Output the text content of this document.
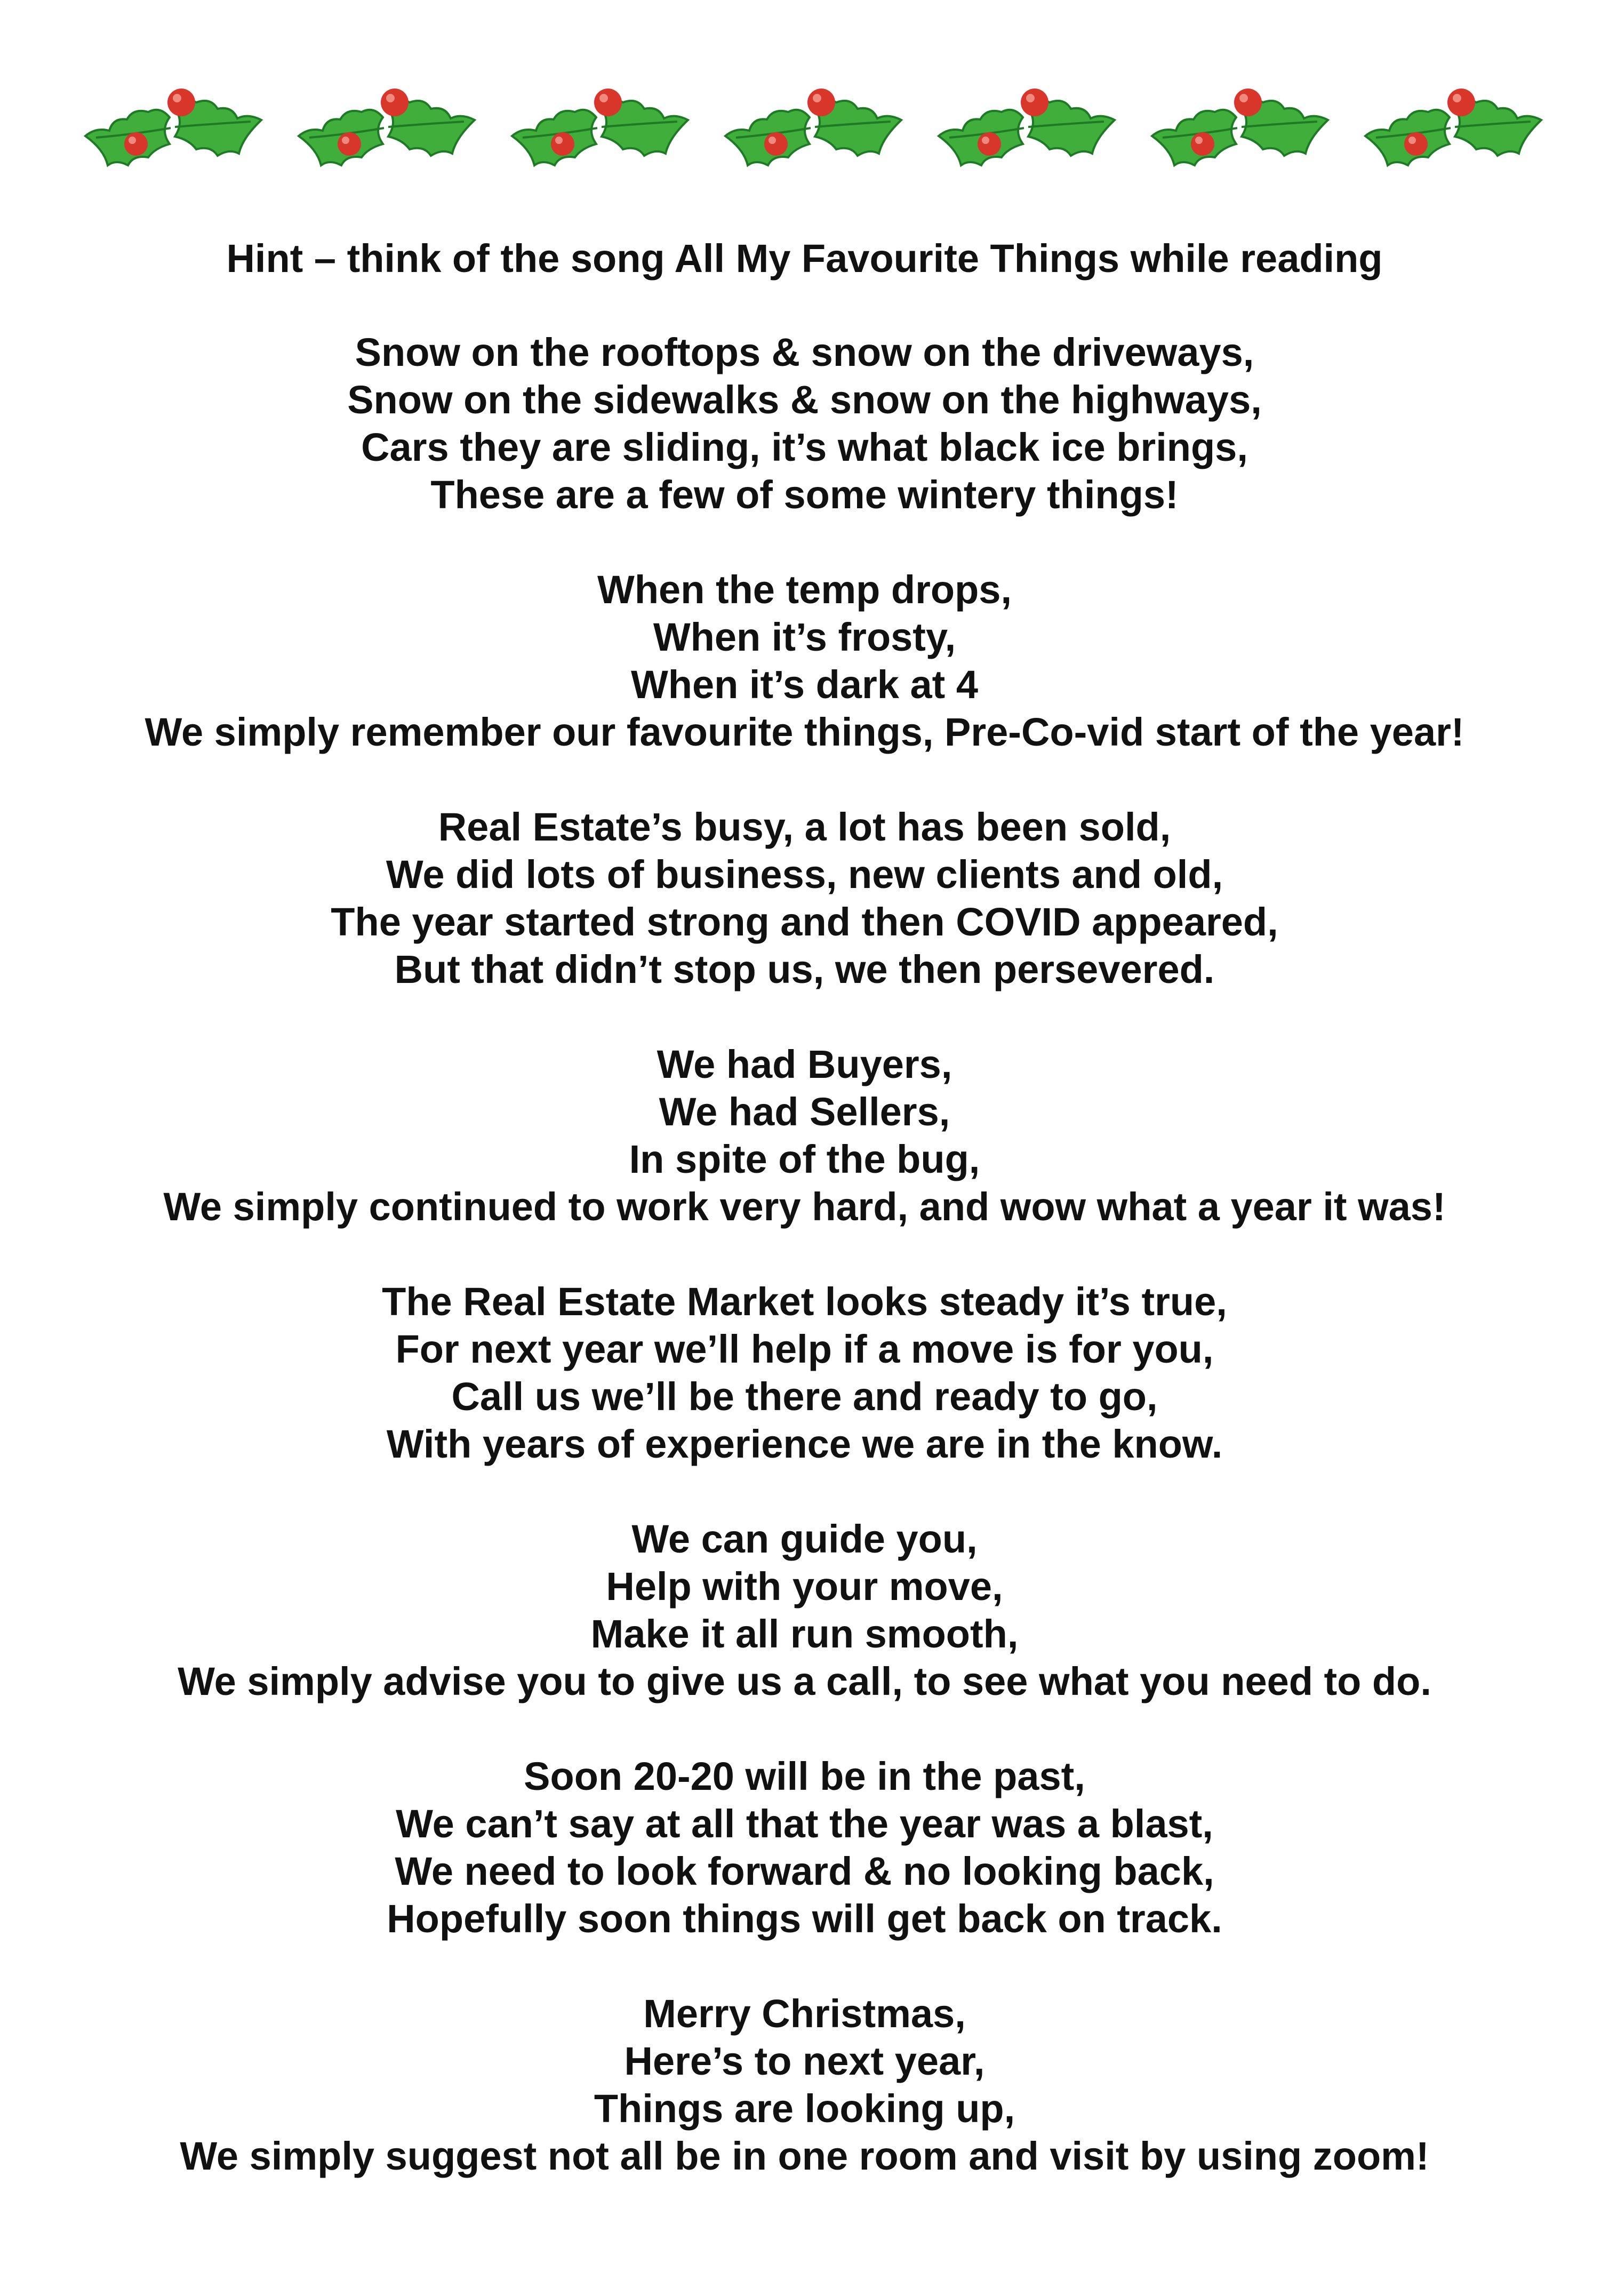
Hint – think of the song All My Favourite Things while reading
Snow on the rooftops & snow on the driveways,
Snow on the sidewalks & snow on the highways,
Cars they are sliding, it’s what black ice brings,
These are a few of some wintery things!
When the temp drops,
When it’s frosty,
When it’s dark at 4
We simply remember our favourite things, Pre-Co-vid start of the year!
Real Estate’s busy, a lot has been sold,
We did lots of business, new clients and old,
The year started strong and then COVID appeared,
But that didn’t stop us, we then persevered.
We had Buyers,
We had Sellers,
In spite of the bug,
We simply continued to work very hard, and wow what a year it was!
The Real Estate Market looks steady it’s true,
For next year we’ll help if a move is for you,
Call us we’ll be there and ready to go,
With years of experience we are in the know.
We can guide you,
Help with your move,
Make it all run smooth,
We simply advise you to give us a call, to see what you need to do.
Soon 20-20 will be in the past,
We can’t say at all that the year was a blast,
We need to look forward & no looking back,
Hopefully soon things will get back on track.
Merry Christmas,
Here’s to next year,
Things are looking up,
We simply suggest not all be in one room and visit by using zoom!
